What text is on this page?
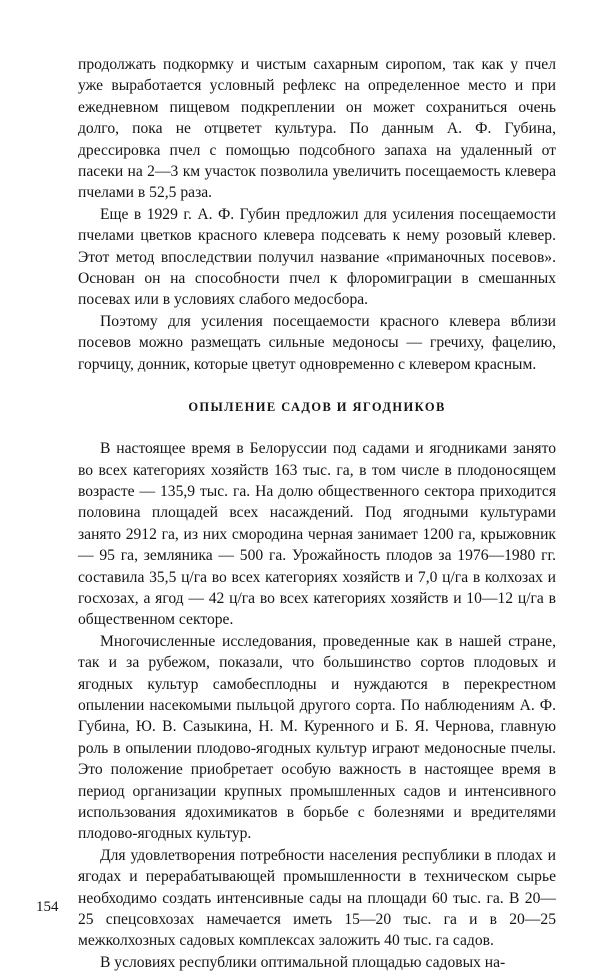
продолжать подкормку и чистым сахарным сиропом, так как у пчел уже выработается условный рефлекс на определенное место и при ежедневном пищевом подкреплении он может сохраниться очень долго, пока не отцветет культура. По данным А. Ф. Губина, дрессировка пчел с помощью подсобного запаха на удаленный от пасеки на 2—3 км участок позволила увеличить посещаемость клевера пчелами в 52,5 раза.

Еще в 1929 г. А. Ф. Губин предложил для усиления посещаемости пчелами цветков красного клевера подсевать к нему розовый клевер. Этот метод впоследствии получил название «приманочных посевов». Основан он на способности пчел к флоромиграции в смешанных посевах или в условиях слабого медосбора.

Поэтому для усиления посещаемости красного клевера вблизи посевов можно размещать сильные медоносы — гречиху, фацелию, горчицу, донник, которые цветут одновременно с клевером красным.

ОПЫЛЕНИЕ САДОВ И ЯГОДНИКОВ

В настоящее время в Белоруссии под садами и ягодниками занято во всех категориях хозяйств 163 тыс. га, в том числе в плодоносящем возрасте — 135,9 тыс. га. На долю общественного сектора приходится половина площадей всех насаждений. Под ягодными культурами занято 2912 га, из них смородина черная занимает 1200 га, крыжовник — 95 га, земляника — 500 га. Урожайность плодов за 1976—1980 гг. составила 35,5 ц/га во всех категориях хозяйств и 7,0 ц/га в колхозах и госхозах, а ягод — 42 ц/га во всех категориях хозяйств и 10—12 ц/га в общественном секторе.

Многочисленные исследования, проведенные как в нашей стране, так и за рубежом, показали, что большинство сортов плодовых и ягодных культур самобесплодны и нуждаются в перекрестном опылении насекомыми пыльцой другого сорта. По наблюдениям А. Ф. Губина, Ю. В. Сазыкина, Н. М. Куренного и Б. Я. Чернова, главную роль в опылении плодово-ягодных культур играют медоносные пчелы. Это положение приобретает особую важность в настоящее время в период организации крупных промышленных садов и интенсивного использования ядохимикатов в борьбе с болезнями и вредителями плодово-ягодных культур.

Для удовлетворения потребности населения республики в плодах и ягодах и перерабатывающей промышленности в техническом сырье необходимо создать интенсивные сады на площади 60 тыс. га. В 20—25 спецсовхозах намечается иметь 15—20 тыс. га и в 20—25 межколхозных садовых комплексах заложить 40 тыс. га садов.

В условиях республики оптимальной площадью садовых на-

154
